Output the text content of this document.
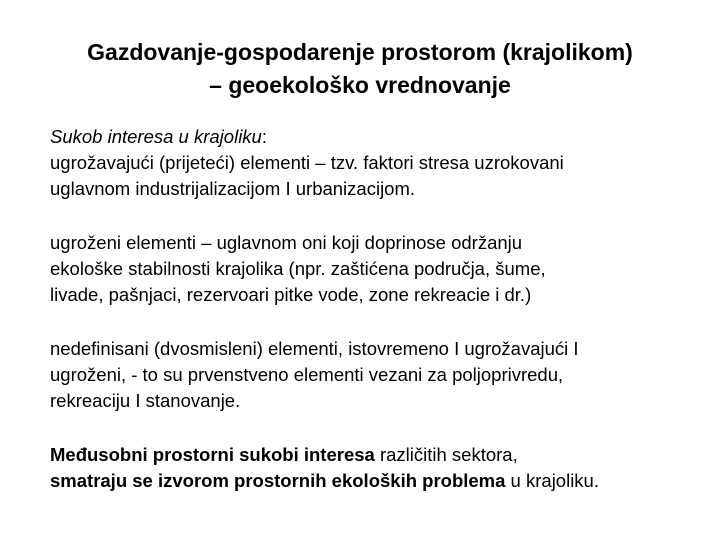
Gazdovanje-gospodarenje prostorom (krajolikom)
– geoekološko vrednovanje

Sukob interesa u krajoliku:
ugrožavajući (prijeteći) elementi – tzv. faktori stresa uzrokovani
uglavnom industrijalizacijom I urbanizacijom.

ugroženi elementi – uglavnom oni koji doprinose održanju
ekološke stabilnosti krajolika (npr. zaštićena područja, šume,
livade, pašnjaci, rezervoari pitke vode, zone rekreacie i dr.)

nedefinisani (dvosmisleni) elementi, istovremeno I ugrožavajući I
ugroženi, - to su prvenstveno elementi vezani za poljoprivredu,
rekreaciju I stanovanje.

Međusobni prostorni sukobi interesa različitih sektora,
smatraju se izvorom prostornih ekoloških problema u krajoliku.
